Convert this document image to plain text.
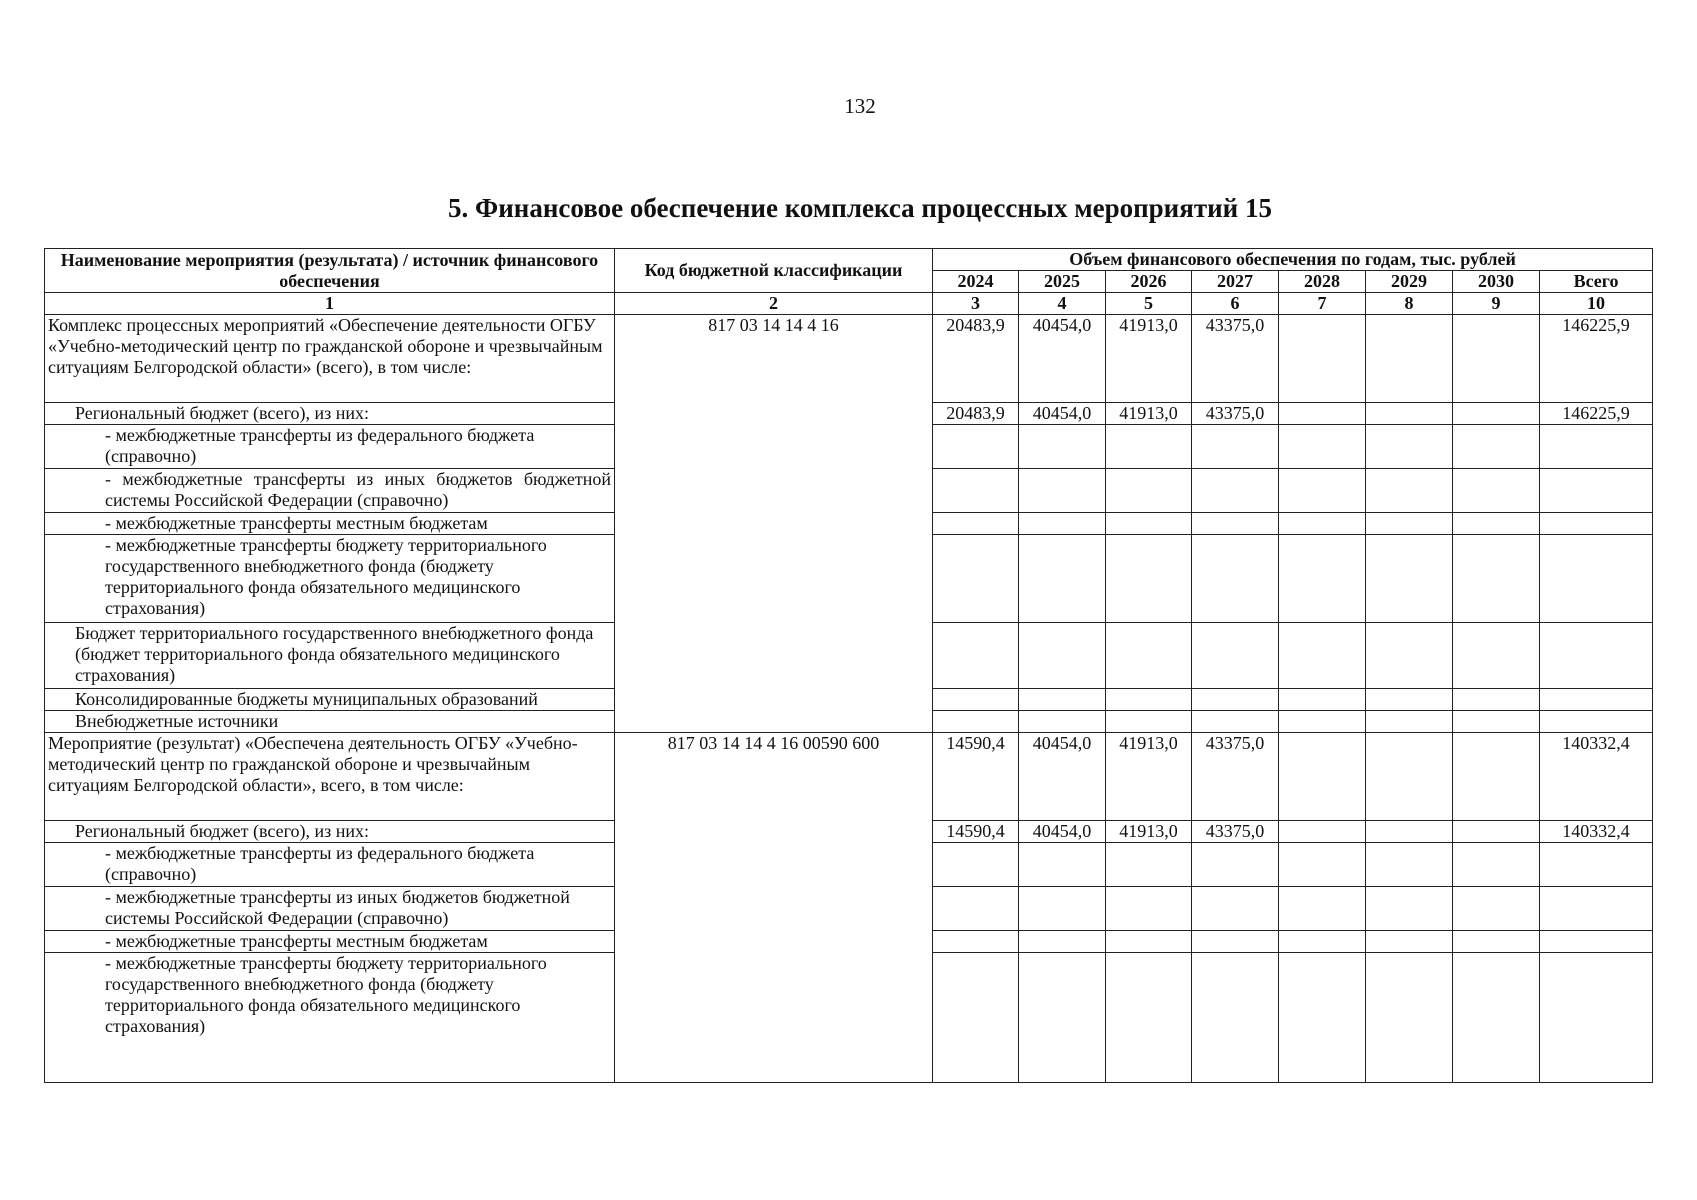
132
5. Финансовое обеспечение комплекса процессных мероприятий 15
Наименование мероприятия (результата) / источник финансового обеспечения	Код бюджетной классификации	Объем финансового обеспечения по годам, тыс. рублей							
		2024	2025	2026	2027	2028	2029	2030	Всего
1	2	3	4	5	6	7	8	9	10
Комплекс процессных мероприятий «Обеспечение деятельности ОГБУ «Учебно-методический центр по гражданской обороне и чрезвычайным ситуациям Белгородской области» (всего), в том числе:	817 03 14 14 4 16	20483,9	40454,0	41913,0	43375,0				146225,9
Региональный бюджет (всего), из них:		20483,9	40454,0	41913,0	43375,0				146225,9
- межбюджетные трансферты из федерального бюджета (справочно)									
- межбюджетные трансферты из иных бюджетов бюджетной системы Российской Федерации (справочно)									
- межбюджетные трансферты местным бюджетам									
- межбюджетные трансферты бюджету территориального государственного внебюджетного фонда (бюджету территориального фонда обязательного медицинского страхования)									
Бюджет территориального государственного внебюджетного фонда (бюджет территориального фонда обязательного медицинского страхования)									
Консолидированные бюджеты муниципальных образований									
Внебюджетные источники									
Мероприятие (результат) «Обеспечена деятельность ОГБУ «Учебно-методический центр по гражданской обороне и чрезвычайным ситуациям Белгородской области», всего, в том числе:	817 03 14 14 4 16 00590 600	14590,4	40454,0	41913,0	43375,0				140332,4
Региональный бюджет (всего), из них:		14590,4	40454,0	41913,0	43375,0				140332,4
- межбюджетные трансферты из федерального бюджета (справочно)									
- межбюджетные трансферты из иных бюджетов бюджетной системы Российской Федерации (справочно)									
- межбюджетные трансферты местным бюджетам									
- межбюджетные трансферты бюджету территориального государственного внебюджетного фонда (бюджету территориального фонда обязательного медицинского страхования)									
